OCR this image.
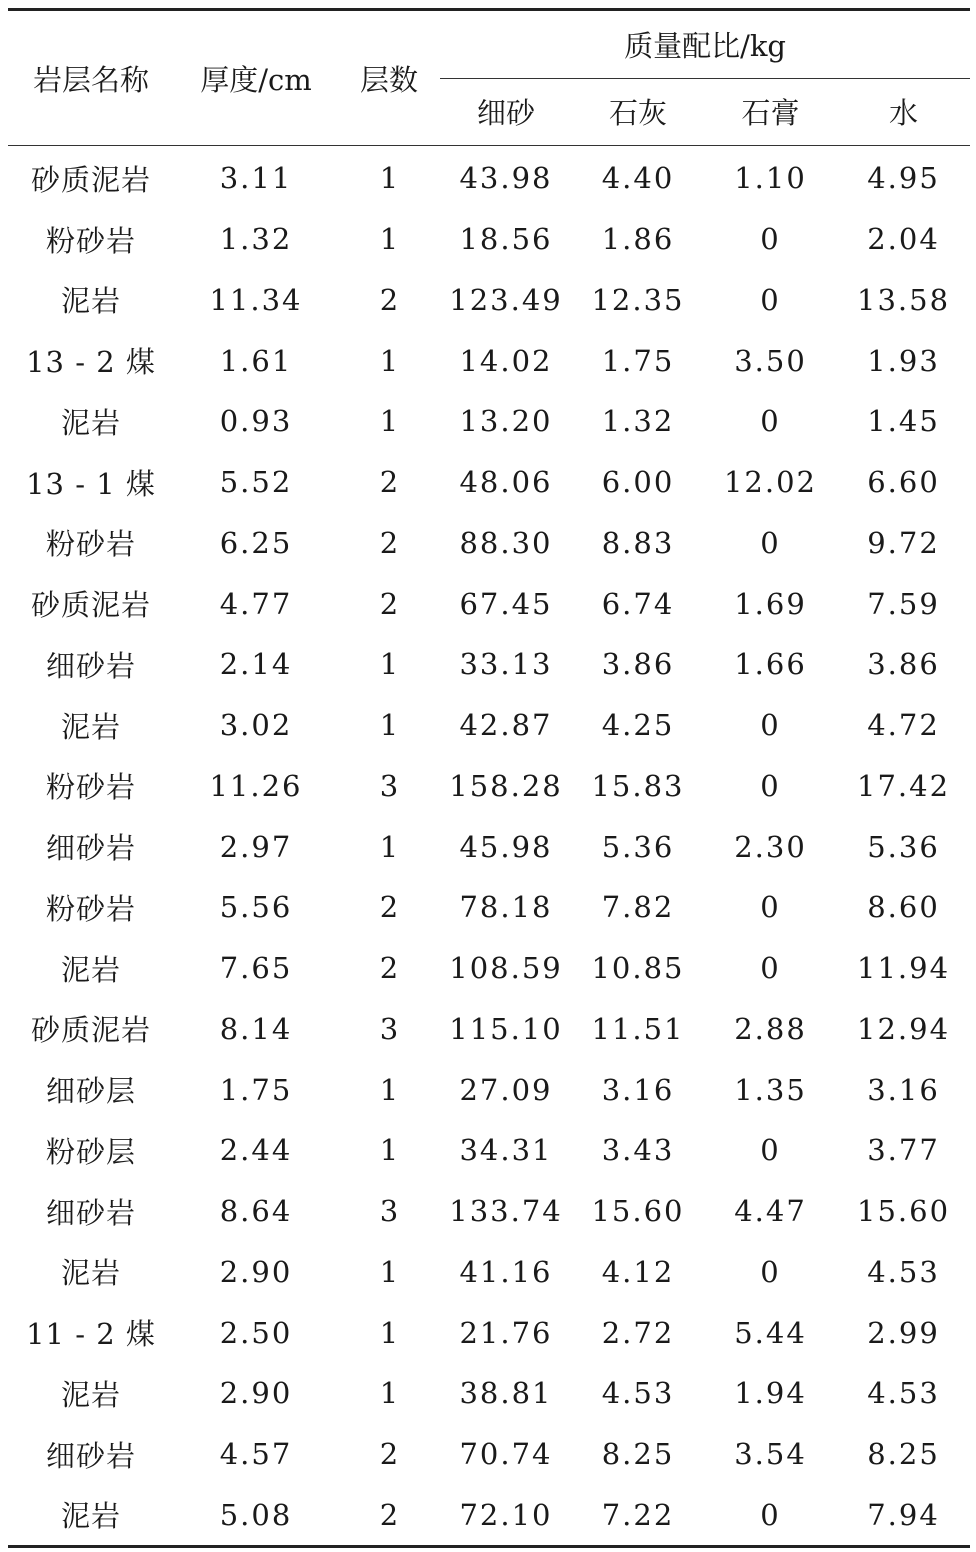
岩层名称	厚度/cm	层数	质量配比/kg			
			细砂	石灰	石膏	水
砂质泥岩	3.11	1	43.98	4.40	1.10	4.95
粉砂岩	1.32	1	18.56	1.86	0	2.04
泥岩	11.34	2	123.49	12.35	0	13.58
13 - 2 煤	1.61	1	14.02	1.75	3.50	1.93
泥岩	0.93	1	13.20	1.32	0	1.45
13 - 1 煤	5.52	2	48.06	6.00	12.02	6.60
粉砂岩	6.25	2	88.30	8.83	0	9.72
砂质泥岩	4.77	2	67.45	6.74	1.69	7.59
细砂岩	2.14	1	33.13	3.86	1.66	3.86
泥岩	3.02	1	42.87	4.25	0	4.72
粉砂岩	11.26	3	158.28	15.83	0	17.42
细砂岩	2.97	1	45.98	5.36	2.30	5.36
粉砂岩	5.56	2	78.18	7.82	0	8.60
泥岩	7.65	2	108.59	10.85	0	11.94
砂质泥岩	8.14	3	115.10	11.51	2.88	12.94
细砂层	1.75	1	27.09	3.16	1.35	3.16
粉砂层	2.44	1	34.31	3.43	0	3.77
细砂岩	8.64	3	133.74	15.60	4.47	15.60
泥岩	2.90	1	41.16	4.12	0	4.53
11 - 2 煤	2.50	1	21.76	2.72	5.44	2.99
泥岩	2.90	1	38.81	4.53	1.94	4.53
细砂岩	4.57	2	70.74	8.25	3.54	8.25
泥岩	5.08	2	72.10	7.22	0	7.94
